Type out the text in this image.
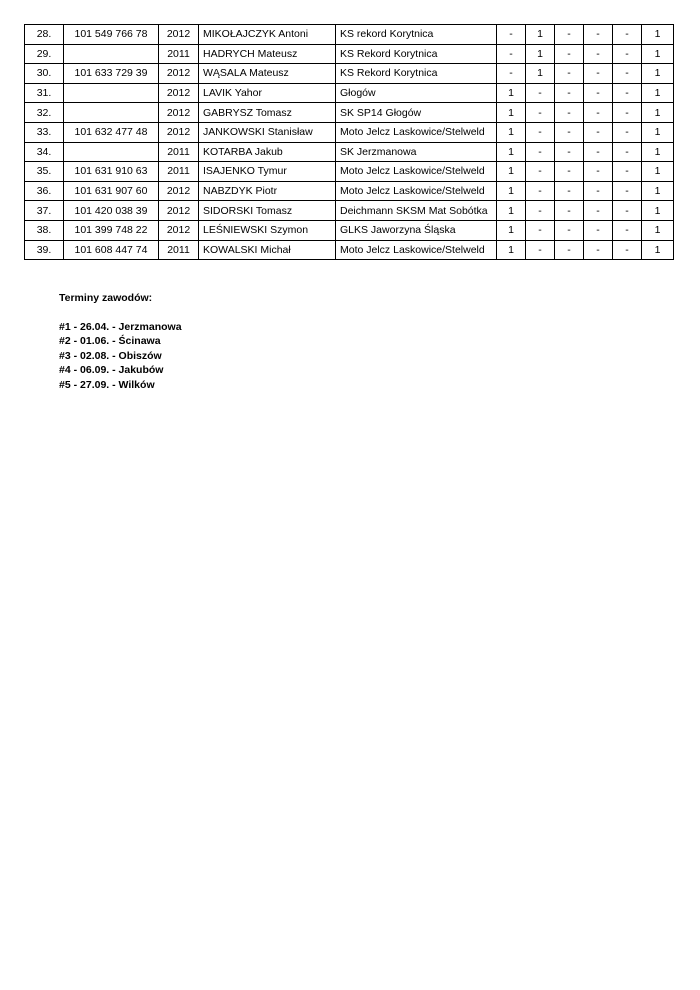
28.	101 549 766 78	2012	MIKOŁAJCZYK Antoni	KS rekord Korytnica	-	1	-	-	-	1
29.		2011	HADRYCH Mateusz	KS Rekord Korytnica	-	1	-	-	-	1
30.	101 633 729 39	2012	WĄSALA Mateusz	KS Rekord Korytnica	-	1	-	-	-	1
31.		2012	LAVIK Yahor	Głogów	1	-	-	-	-	1
32.		2012	GABRYSZ Tomasz	SK SP14 Głogów	1	-	-	-	-	1
33.	101 632 477 48	2012	JANKOWSKI Stanisław	Moto Jelcz Laskowice/Stelweld	1	-	-	-	-	1
34.		2011	KOTARBA Jakub	SK Jerzmanowa	1	-	-	-	-	1
35.	101 631 910 63	2011	ISAJENKO Tymur	Moto Jelcz Laskowice/Stelweld	1	-	-	-	-	1
36.	101 631 907 60	2012	NABZDYK Piotr	Moto Jelcz Laskowice/Stelweld	1	-	-	-	-	1
37.	101 420 038 39	2012	SIDORSKI Tomasz	Deichmann SKSM Mat Sobótka	1	-	-	-	-	1
38.	101 399 748 22	2012	LEŚNIEWSKI Szymon	GLKS Jaworzyna Śląska	1	-	-	-	-	1
39.	101 608 447 74	2011	KOWALSKI Michał	Moto Jelcz Laskowice/Stelweld	1	-	-	-	-	1
Terminy zawodów:
#1 - 26.04. - Jerzmanowa
#2 - 01.06. - Ścinawa
#3 - 02.08. - Obiszów
#4 - 06.09. - Jakubów
#5 - 27.09. - Wilków
